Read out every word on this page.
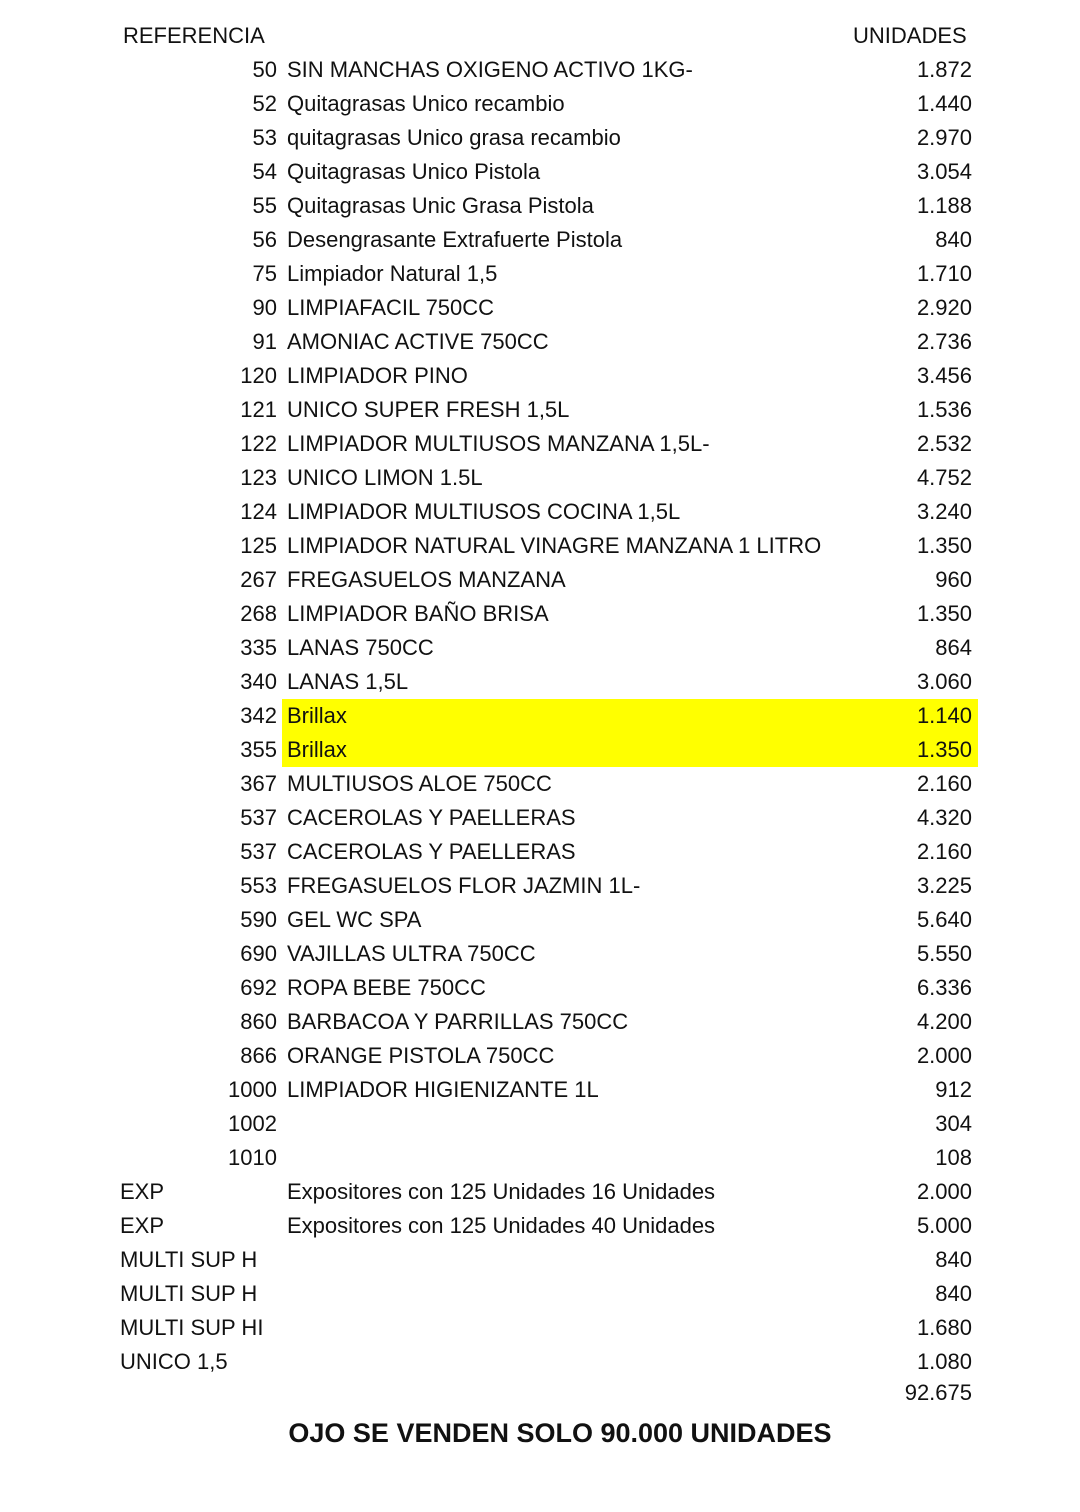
REFERENCIA	UNIDADES
50 SIN MANCHAS OXIGENO ACTIVO 1KG-	1.872
52 Quitagrasas Unico recambio	1.440
53 quitagrasas Unico grasa recambio	2.970
54 Quitagrasas Unico Pistola	3.054
55 Quitagrasas Unic Grasa Pistola	1.188
56 Desengrasante Extrafuerte Pistola	840
75 Limpiador Natural 1,5	1.710
90 LIMPIAFACIL 750CC	2.920
91 AMONIAC ACTIVE 750CC	2.736
120 LIMPIADOR PINO	3.456
121 UNICO SUPER FRESH 1,5L	1.536
122 LIMPIADOR MULTIUSOS MANZANA 1,5L-	2.532
123 UNICO LIMON 1.5L	4.752
124 LIMPIADOR MULTIUSOS COCINA 1,5L	3.240
125 LIMPIADOR NATURAL VINAGRE MANZANA 1 LITRO	1.350
267 FREGASUELOS MANZANA	960
268 LIMPIADOR BAÑO BRISA	1.350
335 LANAS 750CC	864
340 LANAS 1,5L	3.060
342 Brillax	1.140
355 Brillax	1.350
367 MULTIUSOS ALOE 750CC	2.160
537 CACEROLAS Y PAELLERAS	4.320
537 CACEROLAS Y PAELLERAS	2.160
553 FREGASUELOS FLOR JAZMIN 1L-	3.225
590 GEL WC SPA	5.640
690 VAJILLAS ULTRA 750CC	5.550
692 ROPA BEBE 750CC	6.336
860 BARBACOA Y PARRILLAS 750CC	4.200
866 ORANGE PISTOLA 750CC	2.000
1000 LIMPIADOR HIGIENIZANTE 1L	912
1002	304
1010	108
EXP	Expositores con 125 Unidades 16 Unidades	2.000
EXP	Expositores con 125 Unidades 40 Unidades	5.000
MULTI SUP H	840
MULTI SUP H	840
MULTI SUP HI	1.680
UNICO 1,5	1.080
92.675
OJO SE VENDEN SOLO 90.000 UNIDADES
